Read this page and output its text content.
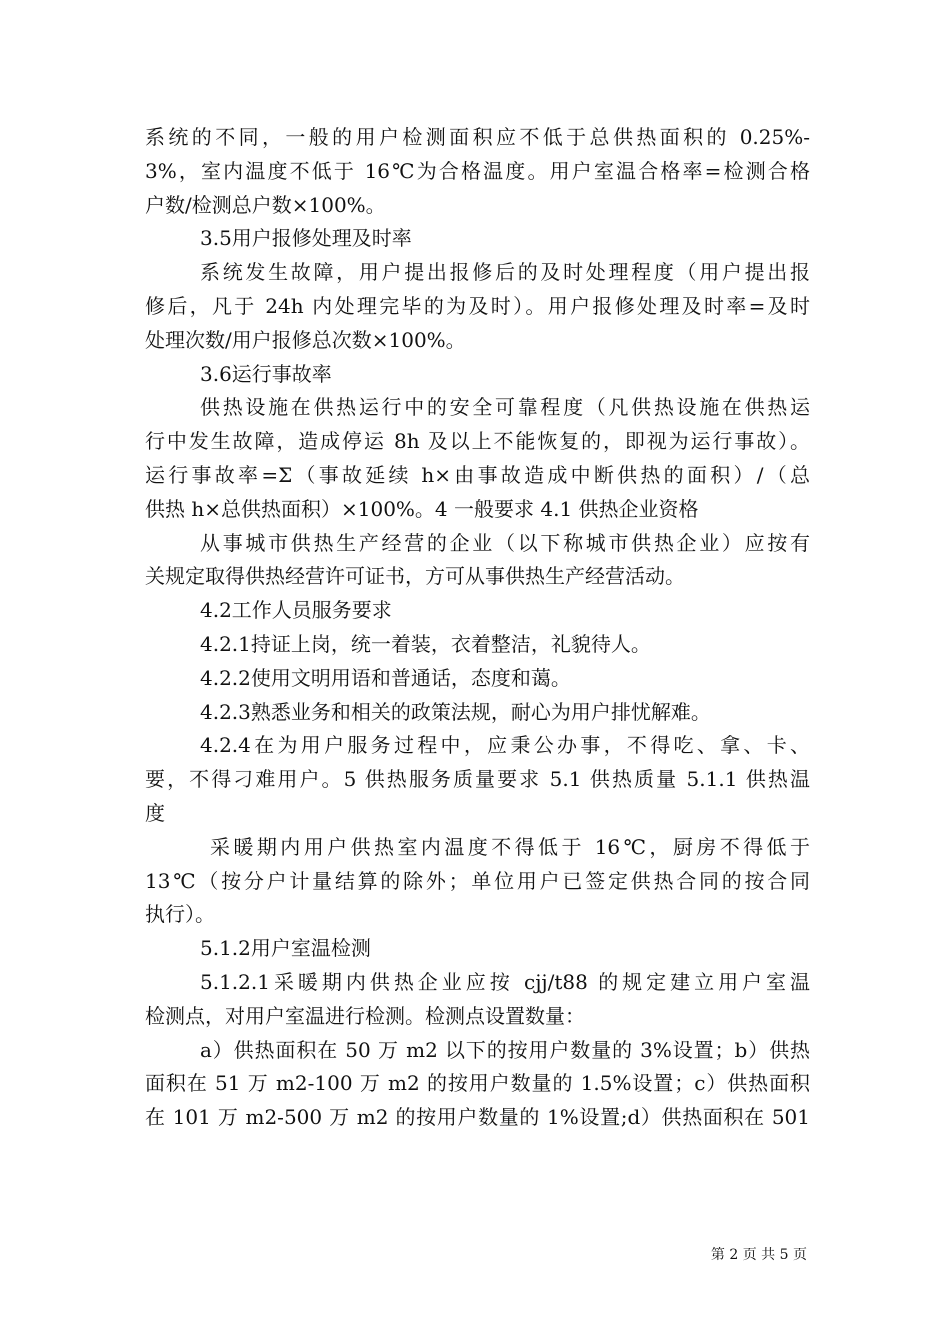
系统的不同，一般的用户检测面积应不低于总供热面积的 0.25%-
3%，室内温度不低于 16℃为合格温度。用户室温合格率=检测合格
户数/检测总户数×100%。
3.5用户报修处理及时率
系统发生故障，用户提出报修后的及时处理程度（用户提出报
修后，凡于 24h 内处理完毕的为及时）。用户报修处理及时率=及时
处理次数/用户报修总次数×100%。
3.6运行事故率
供热设施在供热运行中的安全可靠程度（凡供热设施在供热运
行中发生故障，造成停运 8h 及以上不能恢复的，即视为运行事故）。
运行事故率=Σ（事故延续 h×由事故造成中断供热的面积）/（总
供热 h×总供热面积）×100%。4 一般要求 4.1 供热企业资格
从事城市供热生产经营的企业（以下称城市供热企业）应按有
关规定取得供热经营许可证书，方可从事供热生产经营活动。
4.2工作人员服务要求
4.2.1持证上岗，统一着装，衣着整洁，礼貌待人。
4.2.2使用文明用语和普通话，态度和蔼。
4.2.3熟悉业务和相关的政策法规，耐心为用户排忧解难。
4.2.4在为用户服务过程中，应秉公办事，不得吃、拿、卡、
要，不得刁难用户。5 供热服务质量要求 5.1 供热质量 5.1.1 供热温
度
采暖期内用户供热室内温度不得低于 16℃，厨房不得低于
13℃（按分户计量结算的除外；单位用户已签定供热合同的按合同
执行）。
5.1.2用户室温检测
5.1.2.1采暖期内供热企业应按 cjj/t88 的规定建立用户室温
检测点，对用户室温进行检测。检测点设置数量：
a）供热面积在 50 万 m2 以下的按用户数量的 3%设置；b）供热
面积在 51 万 m2-100 万 m2 的按用户数量的 1.5%设置；c）供热面积
在 101 万 m2-500 万 m2 的按用户数量的 1%设置;d）供热面积在 501
第 2 页 共 5 页
